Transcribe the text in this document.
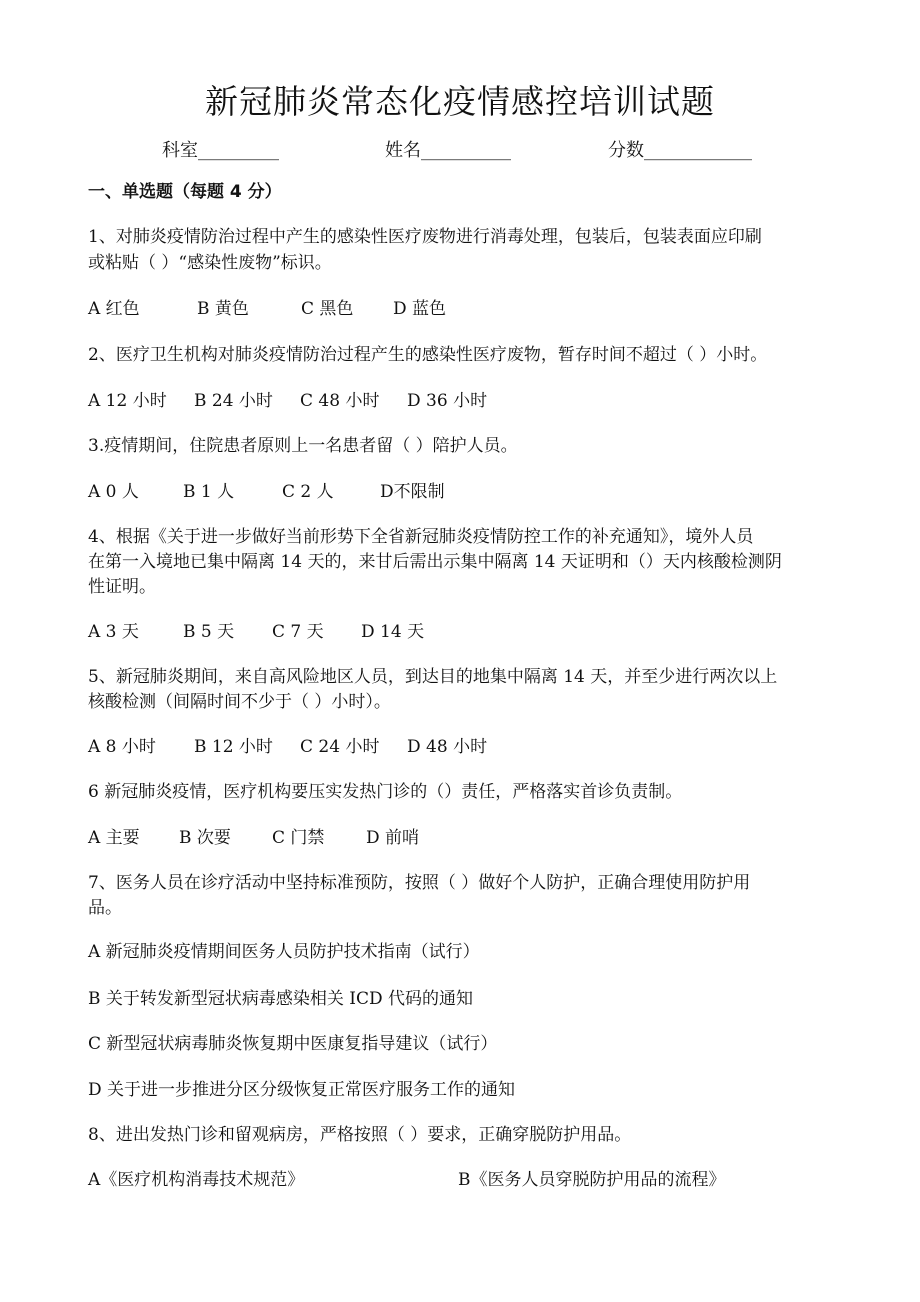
新冠肺炎常态化疫情感控培训试题
科室_________	姓名__________	分数____________
一、单选题（每题 4 分）
1、对肺炎疫情防治过程中产生的感染性医疗废物进行消毒处理，包装后，包装表面应印刷
或粘贴（ ）“感染性废物”标识。
A 红色	B 黄色	C 黑色 D 蓝色
2、医疗卫生机构对肺炎疫情防治过程产生的感染性医疗废物，暂存时间不超过（ ）小时。
A 12 小时 B 24 小时 C 48 小时 D 36 小时
3.疫情期间，住院患者原则上一名患者留（ ）陪护人员。
A 0 人	B 1 人	C 2 人	D不限制
4、根据《关于进一步做好当前形势下全省新冠肺炎疫情防控工作的补充通知》，境外人员
在第一入境地已集中隔离 14 天的，来甘后需出示集中隔离 14 天证明和（）天内核酸检测阴
性证明。
A 3 天	B 5 天 C 7 天 D 14 天
5、新冠肺炎期间，来自高风险地区人员，到达目的地集中隔离 14 天，并至少进行两次以上
核酸检测（间隔时间不少于（ ）小时）。
A 8 小时 B 12 小时 C 24 小时 D 48 小时
6 新冠肺炎疫情，医疗机构要压实发热门诊的（）责任，严格落实首诊负责制。
A 主要 B 次要 C 门禁 D 前哨
7、医务人员在诊疗活动中坚持标准预防，按照（ ）做好个人防护，正确合理使用防护用
品。
A 新冠肺炎疫情期间医务人员防护技术指南（试行）
B 关于转发新型冠状病毒感染相关 ICD 代码的通知
C 新型冠状病毒肺炎恢复期中医康复指导建议（试行）
D 关于进一步推进分区分级恢复正常医疗服务工作的通知
8、进出发热门诊和留观病房，严格按照（ ）要求，正确穿脱防护用品。
A《医疗机构消毒技术规范》	B《医务人员穿脱防护用品的流程》
